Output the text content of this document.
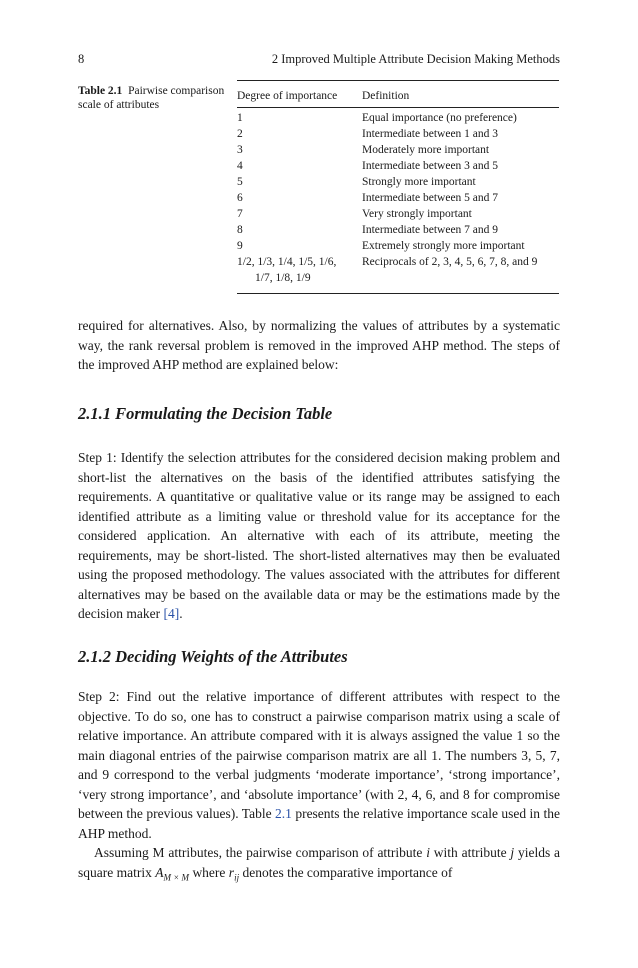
8	2 Improved Multiple Attribute Decision Making Methods
Table 2.1 Pairwise comparison scale of attributes
Degree of importance	Definition

1	Equal importance (no preference)
2	Intermediate between 1 and 3
3	Moderately more important
4	Intermediate between 3 and 5
5	Strongly more important
6	Intermediate between 5 and 7
7	Very strongly important
8	Intermediate between 7 and 9
9	Extremely strongly more important
1/2, 1/3, 1/4, 1/5, 1/6,
1/7, 1/8, 1/9	Reciprocals of 2, 3, 4, 5, 6, 7, 8, and 9

required for alternatives. Also, by normalizing the values of attributes by a systematic way, the rank reversal problem is removed in the improved AHP method. The steps of the improved AHP method are explained below:

2.1.1 Formulating the Decision Table

Step 1: Identify the selection attributes for the considered decision making problem and short-list the alternatives on the basis of the identified attributes satisfying the requirements. A quantitative or qualitative value or its range may be assigned to each identified attribute as a limiting value or threshold value for its acceptance for the considered application. An alternative with each of its attribute, meeting the requirements, may be short-listed. The short-listed alternatives may then be evaluated using the proposed methodology. The values associated with the attributes for different alternatives may be based on the available data or may be the estimations made by the decision maker [4].

2.1.2 Deciding Weights of the Attributes

Step 2: Find out the relative importance of different attributes with respect to the objective. To do so, one has to construct a pairwise comparison matrix using a scale of relative importance. An attribute compared with it is always assigned the value 1 so the main diagonal entries of the pairwise comparison matrix are all 1. The numbers 3, 5, 7, and 9 correspond to the verbal judgments ‘moderate importance’, ‘strong importance’, ‘very strong importance’, and ‘absolute importance’ (with 2, 4, 6, and 8 for compromise between the previous values). Table 2.1 presents the relative importance scale used in the AHP method.

Assuming M attributes, the pairwise comparison of attribute i with attribute j yields a square matrix $A_{M \times M}$ where $r_{ij}$ denotes the comparative importance of
